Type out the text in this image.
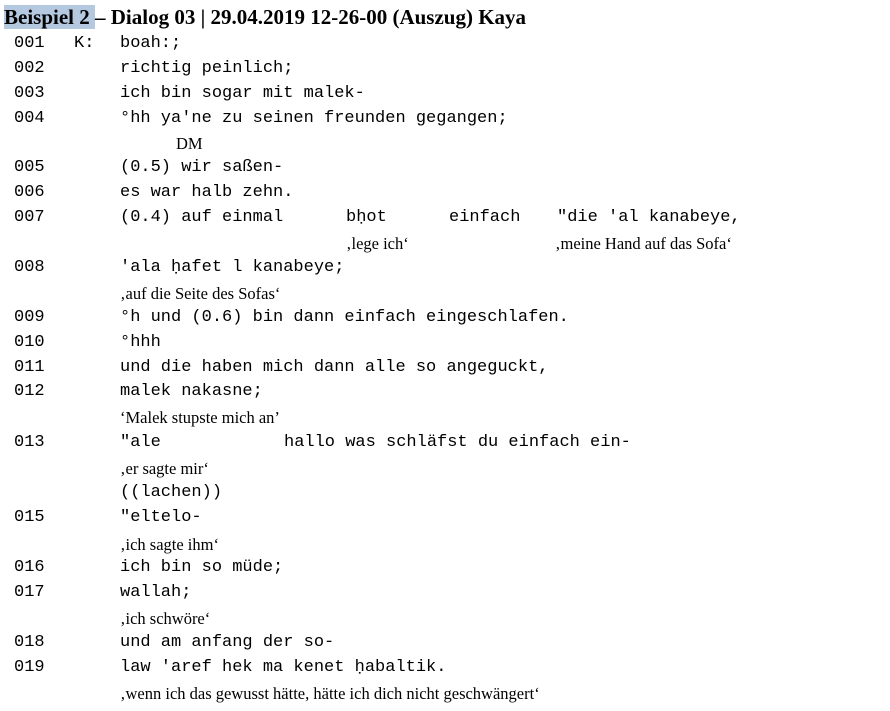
Beispiel 2 – Dialog 03 | 29.04.2019 12-26-00 (Auszug) Kaya
001 K: boah:;
002	richtig peinlich;
003	ich bin sogar mit malek-
004	°hh ya'ne zu seinen freunden gegangen;
DM
005	(0.5) wir saßen-
006	es war halb zehn.
007	(0.4) auf einmal	bḥot	einfach "die 'al kanabeye,
‚lege ich‘	‚meine Hand auf das Sofa‘
008	'ala ḥafet l kanabeye;
‚auf die Seite des Sofas‘
009	°h und (0.6) bin dann einfach eingeschlafen.
010	°hhh
011	und die haben mich dann alle so angeguckt,
012	malek nakasne;
‘Malek stupste mich an’
013	"ale	hallo was schläfst du einfach ein-
‚er sagte mir‘
((lachen))
015	"eltelo-
‚ich sagte ihm‘
016	ich bin so müde;
017	wallah;
‚ich schwöre‘
018	und am anfang der so-
019	law 'aref hek ma kenet ḥabaltik.
‚wenn ich das gewusst hätte, hätte ich dich nicht geschwängert‘
